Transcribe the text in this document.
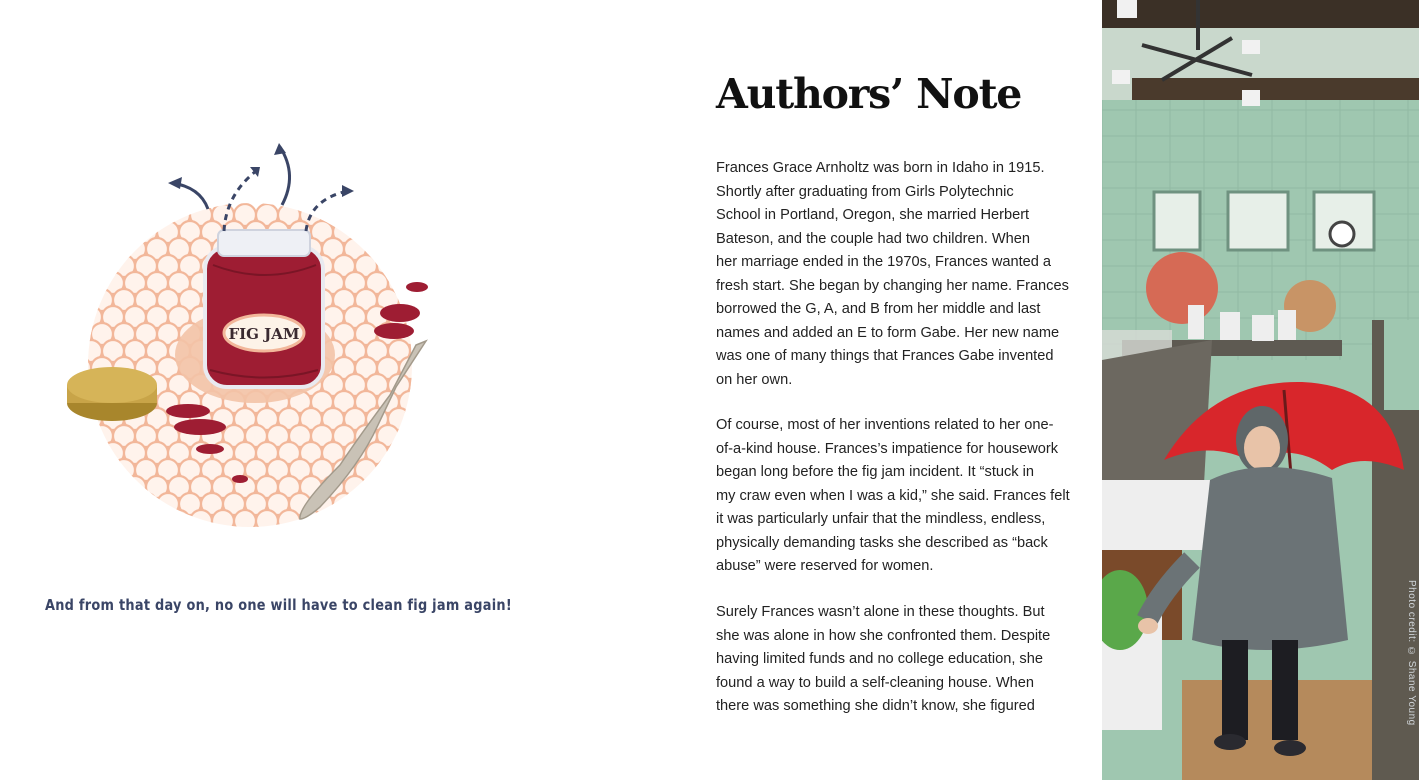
FIG JAM
And from that day on, no one will have to clean fig jam again!
Authors’ Note

Frances Grace Arnholtz was born in Idaho in 1915.
Shortly after graduating from Girls Polytechnic
School in Portland, Oregon, she married Herbert
Bateson, and the couple had two children. When
her marriage ended in the 1970s, Frances wanted a
fresh start. She began by changing her name. Frances
borrowed the G, A, and B from her middle and last
names and added an E to form Gabe. Her new name
was one of many things that Frances Gabe invented
on her own.

Of course, most of her inventions related to her one-
of-a-kind house. Frances’s impatience for housework
began long before the fig jam incident. It “stuck in
my craw even when I was a kid,” she said. Frances felt
it was particularly unfair that the mindless, endless,
physically demanding tasks she described as “back
abuse” were reserved for women.

Surely Frances wasn’t alone in these thoughts. But
she was alone in how she confronted them. Despite
having limited funds and no college education, she
found a way to build a self-cleaning house. When
there was something she didn’t know, she figured	Photo credit: © Shane Young
